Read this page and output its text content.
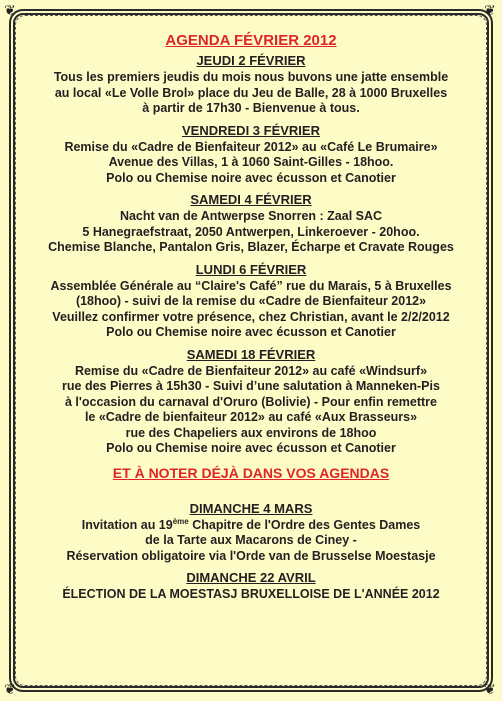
❦	❦
❦	❦
AGENDA FÉVRIER 2012
JEUDI 2 FÉVRIER
Tous les premiers jeudis du mois nous buvons une jatte ensemble
au local «Le Volle Brol» place du Jeu de Balle, 28 à 1000 Bruxelles
à partir de 17h30 - Bienvenue à tous.
VENDREDI 3 FÉVRIER
Remise du «Cadre de Bienfaiteur 2012» au «Café Le Brumaire»
Avenue des Villas, 1 à 1060 Saint-Gilles - 18hoo.
Polo ou Chemise noire avec écusson et Canotier
SAMEDI 4 FÉVRIER
Nacht van de Antwerpse Snorren : Zaal SAC
5 Hanegraefstraat, 2050 Antwerpen, Linkeroever - 20hoo.
Chemise Blanche, Pantalon Gris, Blazer, Écharpe et Cravate Rouges
LUNDI 6 FÉVRIER
Assemblée Générale au “Claire's Café” rue du Marais, 5 à Bruxelles
(18hoo) - suivi de la remise du «Cadre de Bienfaiteur 2012»
Veuillez confirmer votre présence, chez Christian, avant le 2/2/2012
Polo ou Chemise noire avec écusson et Canotier
SAMEDI 18 FÉVRIER
Remise du «Cadre de Bienfaiteur 2012» au café «Windsurf»
rue des Pierres à 15h30 - Suivi d’une salutation à Manneken-Pis
à l'occasion du carnaval d'Oruro (Bolivie) - Pour enfin remettre
le «Cadre de bienfaiteur 2012» au café «Aux Brasseurs»
rue des Chapeliers aux environs de 18hoo
Polo ou Chemise noire avec écusson et Canotier
ET À NOTER DÉJÀ DANS VOS AGENDAS
DIMANCHE 4 MARS
Invitation au 19ème Chapitre de l'Ordre des Gentes Dames
de la Tarte aux Macarons de Ciney -
Réservation obligatoire via l'Orde van de Brusselse Moestasje
DIMANCHE 22 AVRIL
ÉLECTION DE LA MOESTASJ BRUXELLOISE DE L'ANNÉE 2012
